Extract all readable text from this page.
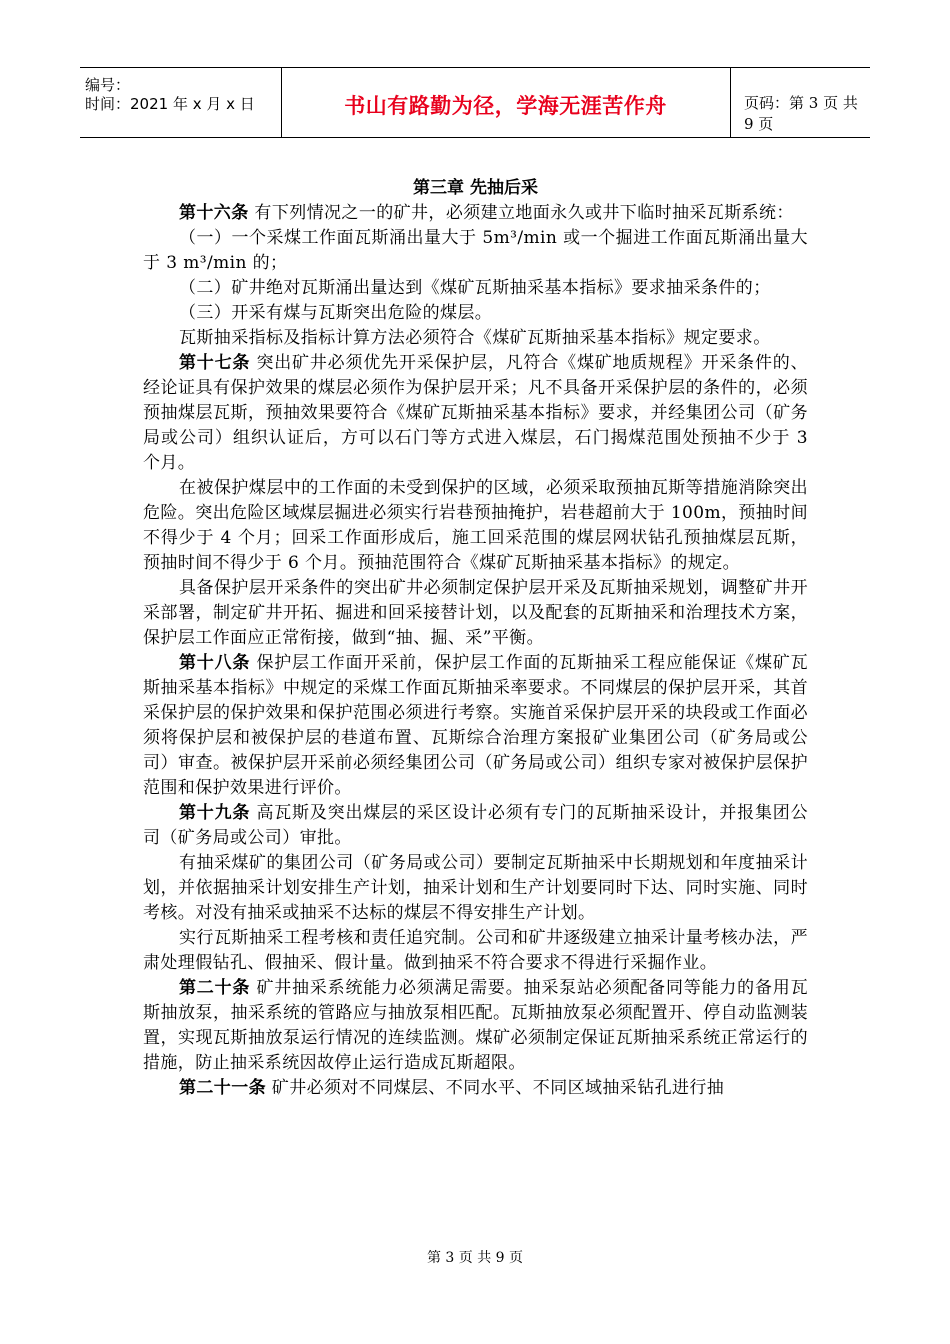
编号：
时间：2021 年 x 月 x 日	书山有路勤为径，学海无涯苦作舟	页码：第 3 页 共 9 页
第三章 先抽后采

第十六条 有下列情况之一的矿井，必须建立地面永久或井下临时抽采瓦斯系统：

（一）一个采煤工作面瓦斯涌出量大于 5m³/min 或一个掘进工作面瓦斯涌出量大于 3 m³/min 的；

（二）矿井绝对瓦斯涌出量达到《煤矿瓦斯抽采基本指标》要求抽采条件的；

（三）开采有煤与瓦斯突出危险的煤层。

瓦斯抽采指标及指标计算方法必须符合《煤矿瓦斯抽采基本指标》规定要求。

第十七条 突出矿井必须优先开采保护层，凡符合《煤矿地质规程》开采条件的、经论证具有保护效果的煤层必须作为保护层开采；凡不具备开采保护层的条件的，必须预抽煤层瓦斯，预抽效果要符合《煤矿瓦斯抽采基本指标》要求，并经集团公司（矿务局或公司）组织认证后，方可以石门等方式进入煤层，石门揭煤范围处预抽不少于 3 个月。

在被保护煤层中的工作面的未受到保护的区域，必须采取预抽瓦斯等措施消除突出危险。突出危险区域煤层掘进必须实行岩巷预抽掩护，岩巷超前大于 100m，预抽时间不得少于 4 个月；回采工作面形成后，施工回采范围的煤层网状钻孔预抽煤层瓦斯，预抽时间不得少于 6 个月。预抽范围符合《煤矿瓦斯抽采基本指标》的规定。

具备保护层开采条件的突出矿井必须制定保护层开采及瓦斯抽采规划，调整矿井开采部署，制定矿井开拓、掘进和回采接替计划，以及配套的瓦斯抽采和治理技术方案，保护层工作面应正常衔接，做到“抽、掘、采”平衡。

第十八条 保护层工作面开采前，保护层工作面的瓦斯抽采工程应能保证《煤矿瓦斯抽采基本指标》中规定的采煤工作面瓦斯抽采率要求。不同煤层的保护层开采，其首采保护层的保护效果和保护范围必须进行考察。实施首采保护层开采的块段或工作面必须将保护层和被保护层的巷道布置、瓦斯综合治理方案报矿业集团公司（矿务局或公司）审查。被保护层开采前必须经集团公司（矿务局或公司）组织专家对被保护层保护范围和保护效果进行评价。

第十九条 高瓦斯及突出煤层的采区设计必须有专门的瓦斯抽采设计，并报集团公司（矿务局或公司）审批。

有抽采煤矿的集团公司（矿务局或公司）要制定瓦斯抽采中长期规划和年度抽采计划，并依据抽采计划安排生产计划，抽采计划和生产计划要同时下达、同时实施、同时考核。对没有抽采或抽采不达标的煤层不得安排生产计划。

实行瓦斯抽采工程考核和责任追究制。公司和矿井逐级建立抽采计量考核办法，严肃处理假钻孔、假抽采、假计量。做到抽采不符合要求不得进行采掘作业。

第二十条 矿井抽采系统能力必须满足需要。抽采泵站必须配备同等能力的备用瓦斯抽放泵，抽采系统的管路应与抽放泵相匹配。瓦斯抽放泵必须配置开、停自动监测装置，实现瓦斯抽放泵运行情况的连续监测。煤矿必须制定保证瓦斯抽采系统正常运行的措施，防止抽采系统因故停止运行造成瓦斯超限。

第二十一条 矿井必须对不同煤层、不同水平、不同区域抽采钻孔进行抽

第 3 页 共 9 页
